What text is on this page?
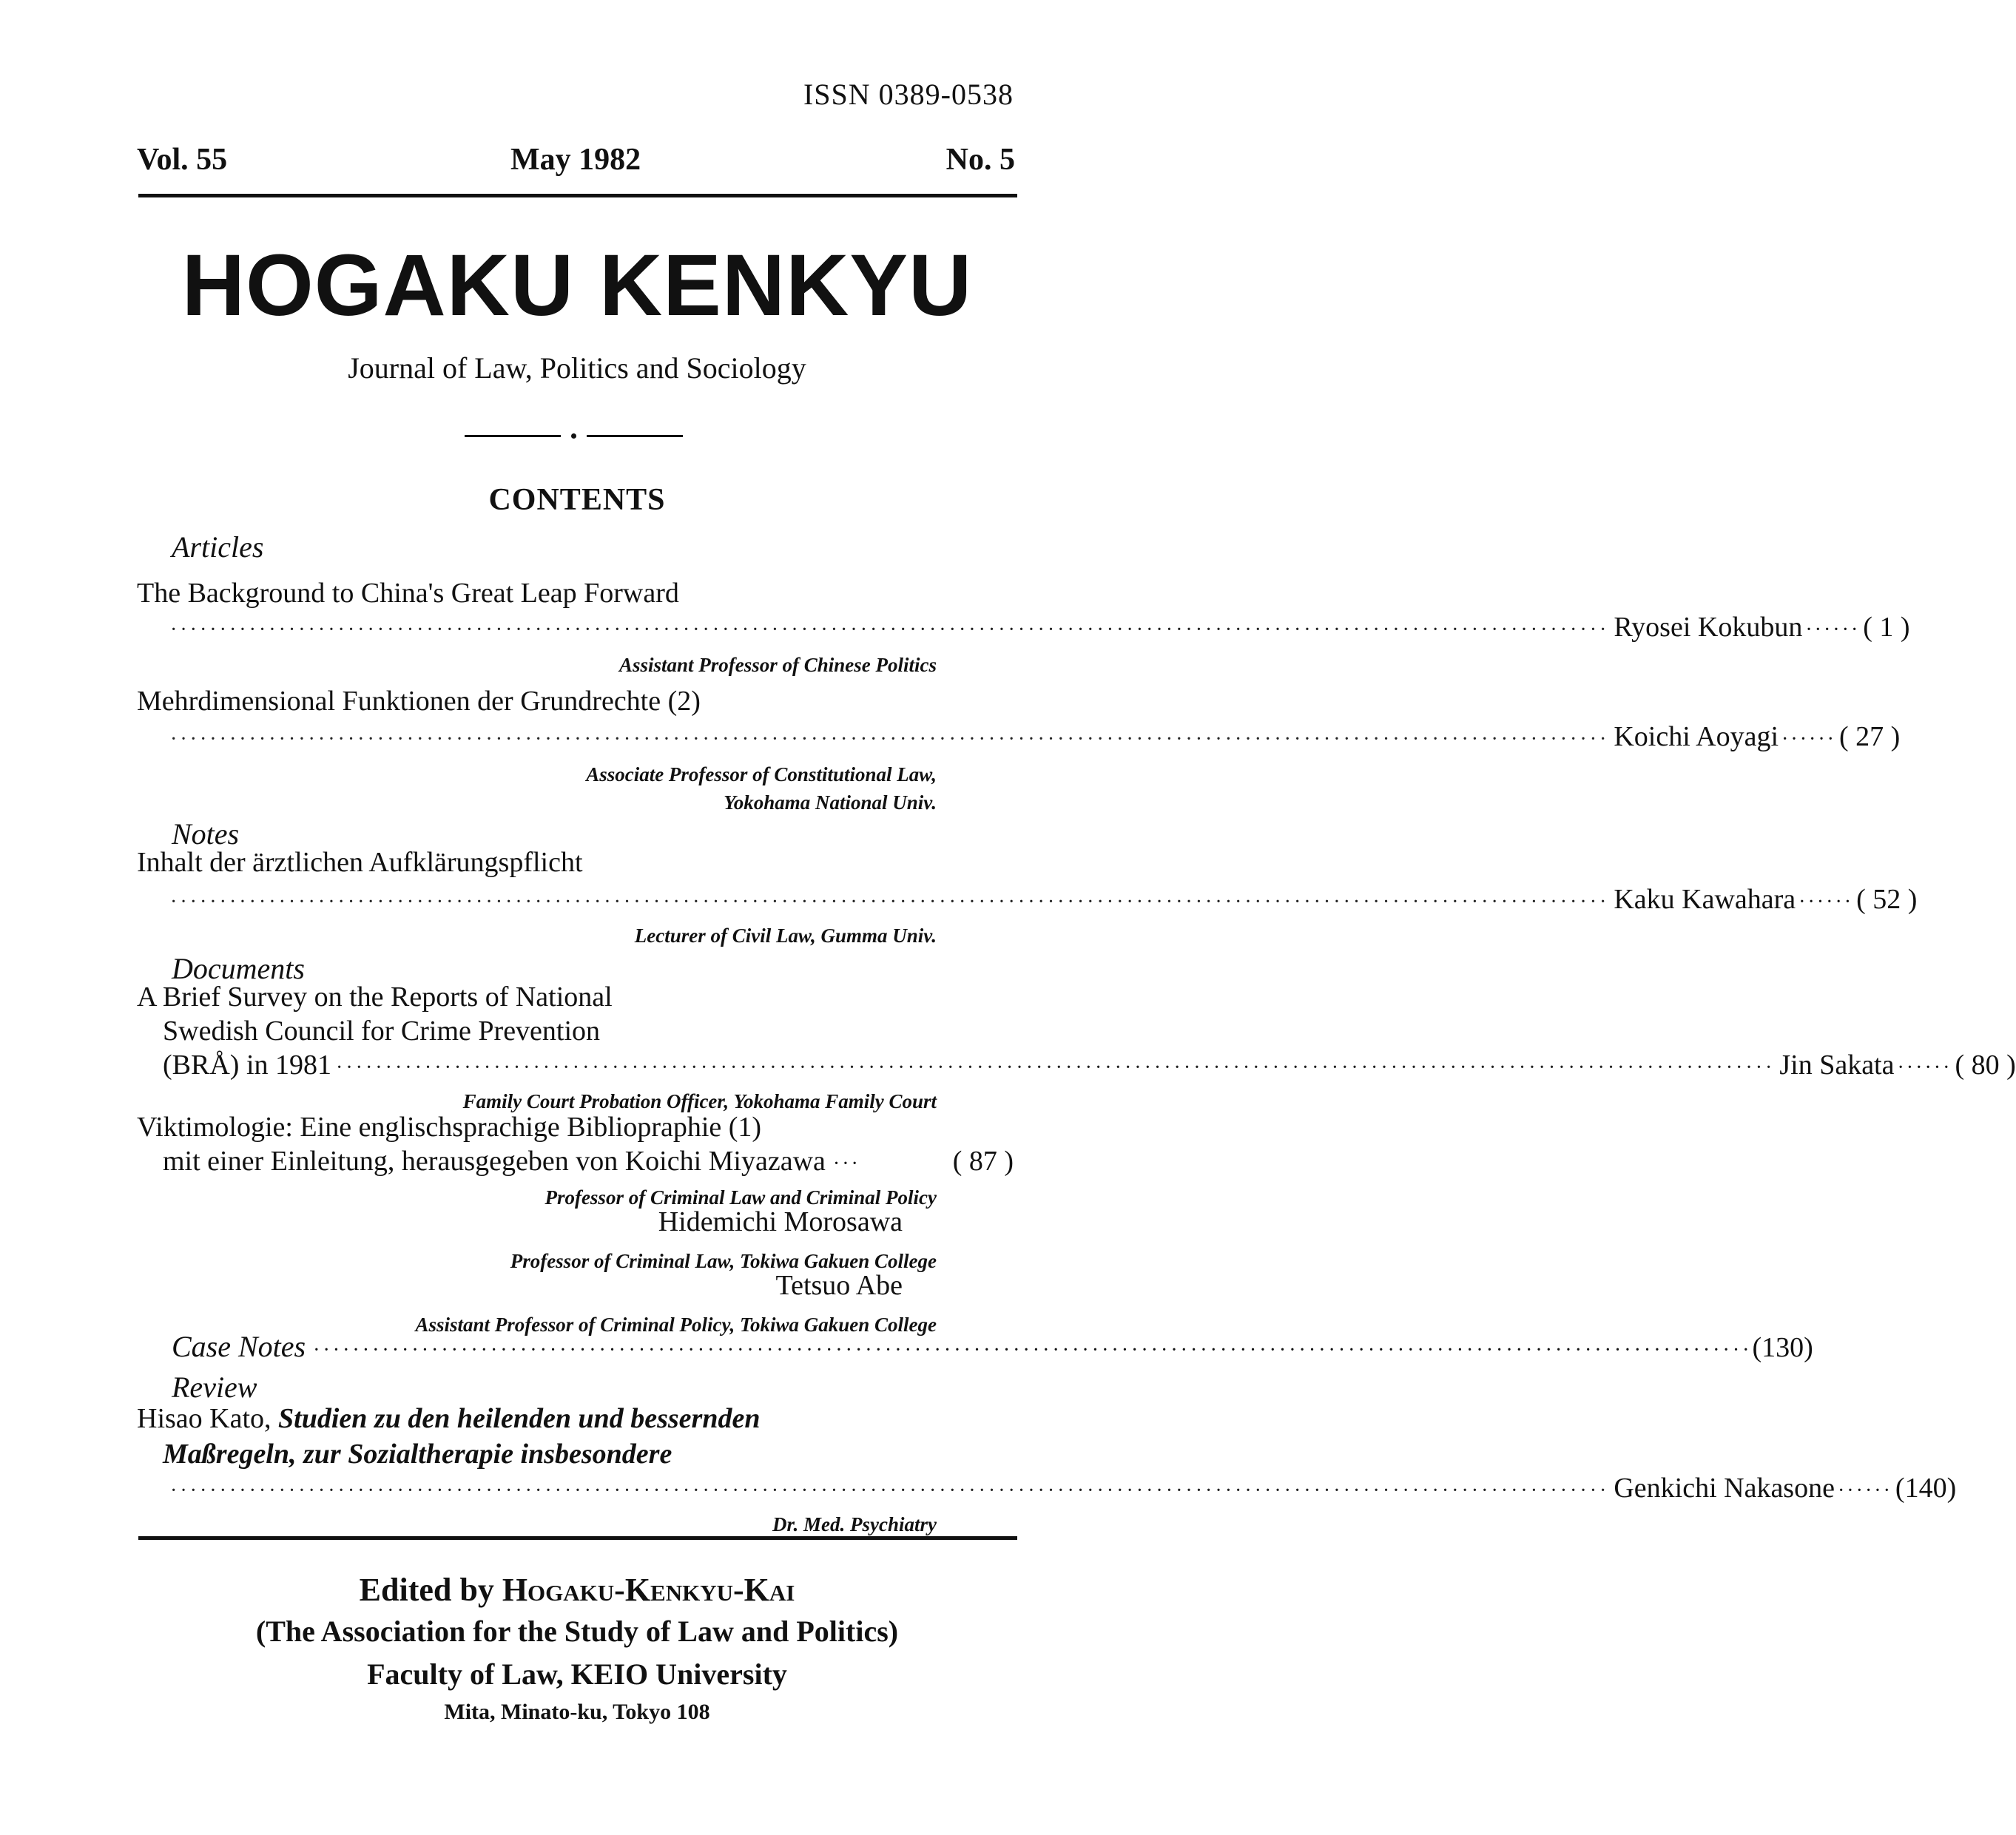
ISSN 0389-0538
Vol. 55	May 1982	No. 5
HOGAKU KENKYU
Journal of Law, Politics and Sociology
CONTENTS
Articles
The Background to China's Great Leap Forward
·················································································································································· Ryosei Kokubun ······ ( 1 )
Assistant Professor of Chinese Politics
Mehrdimensional Funktionen der Grundrechte (2)
·················································································································································· Koichi Aoyagi ······ ( 27 )
Associate Professor of Constitutional Law,
Yokohama National Univ.
Notes
Inhalt der ärztlichen Aufklärungspflicht
·················································································································································· Kaku Kawahara ······ ( 52 )
Lecturer of Civil Law, Gumma Univ.
Documents
A Brief Survey on the Reports of National
Swedish Council for Crime Prevention
(BRÅ) in 1981 ·················································································································································· Jin Sakata ······ ( 80 )
Family Court Probation Officer, Yokohama Family Court
Viktimologie: Eine englischsprachige Bibliopraphie (1)
mit einer Einleitung, herausgegeben von Koichi Miyazawa ···	( 87 )
Professor of Criminal Law and Criminal Policy
Hidemichi Morosawa
Professor of Criminal Law, Tokiwa Gakuen College
Tetsuo Abe
Assistant Professor of Criminal Policy, Tokiwa Gakuen College
Case Notes ·················································································································································· (130)
Review
Hisao Kato, Studien zu den heilenden und bessernden
Maßregeln, zur Sozialtherapie insbesondere
·················································································································································· Genkichi Nakasone ······ (140)
Dr. Med. Psychiatry
Edited by Hogaku-Kenkyu-Kai
(The Association for the Study of Law and Politics)
Faculty of Law, KEIO University
Mita, Minato-ku, Tokyo 108
